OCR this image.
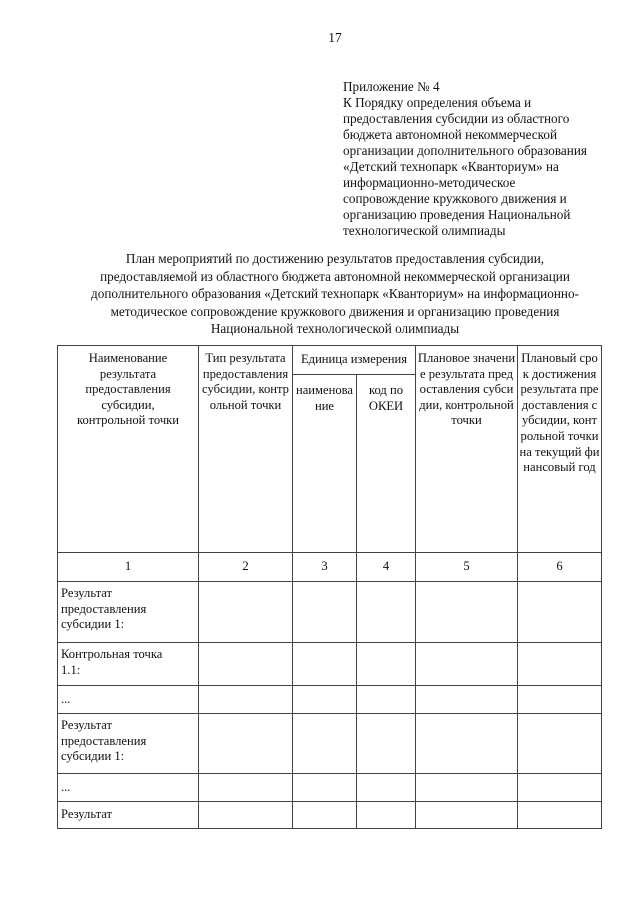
17
Приложение № 4
К Порядку определения объема и
предоставления субсидии из областного
бюджета автономной некоммерческой
организации дополнительного образования
«Детский технопарк «Кванториум» на
информационно-методическое
сопровождение кружкового движения и
организацию проведения Национальной
технологической олимпиады
План мероприятий по достижению результатов предоставления субсидии,
предоставляемой из областного бюджета автономной некоммерческой организации
дополнительного образования «Детский технопарк «Кванториум» на информационно-
методическое сопровождение кружкового движения и организацию проведения
Национальной технологической олимпиады
Наименование результата предоставления субсидии, контрольной точки	Тип результата предоставления субсидии, контрольной точки	Единица измерения		Плановое значение результата предоставления субсидии, контрольной точки	Плановый срок достижения результата предоставления субсидии, контрольной точки на текущий финансовый год
		наименование	код по ОКЕИ		
1	2	3	4	5	6
Результат предоставления субсидии 1:					
Контрольная точка 1.1:					
...					
Результат предоставления субсидии 1:					
...					
Результат					
